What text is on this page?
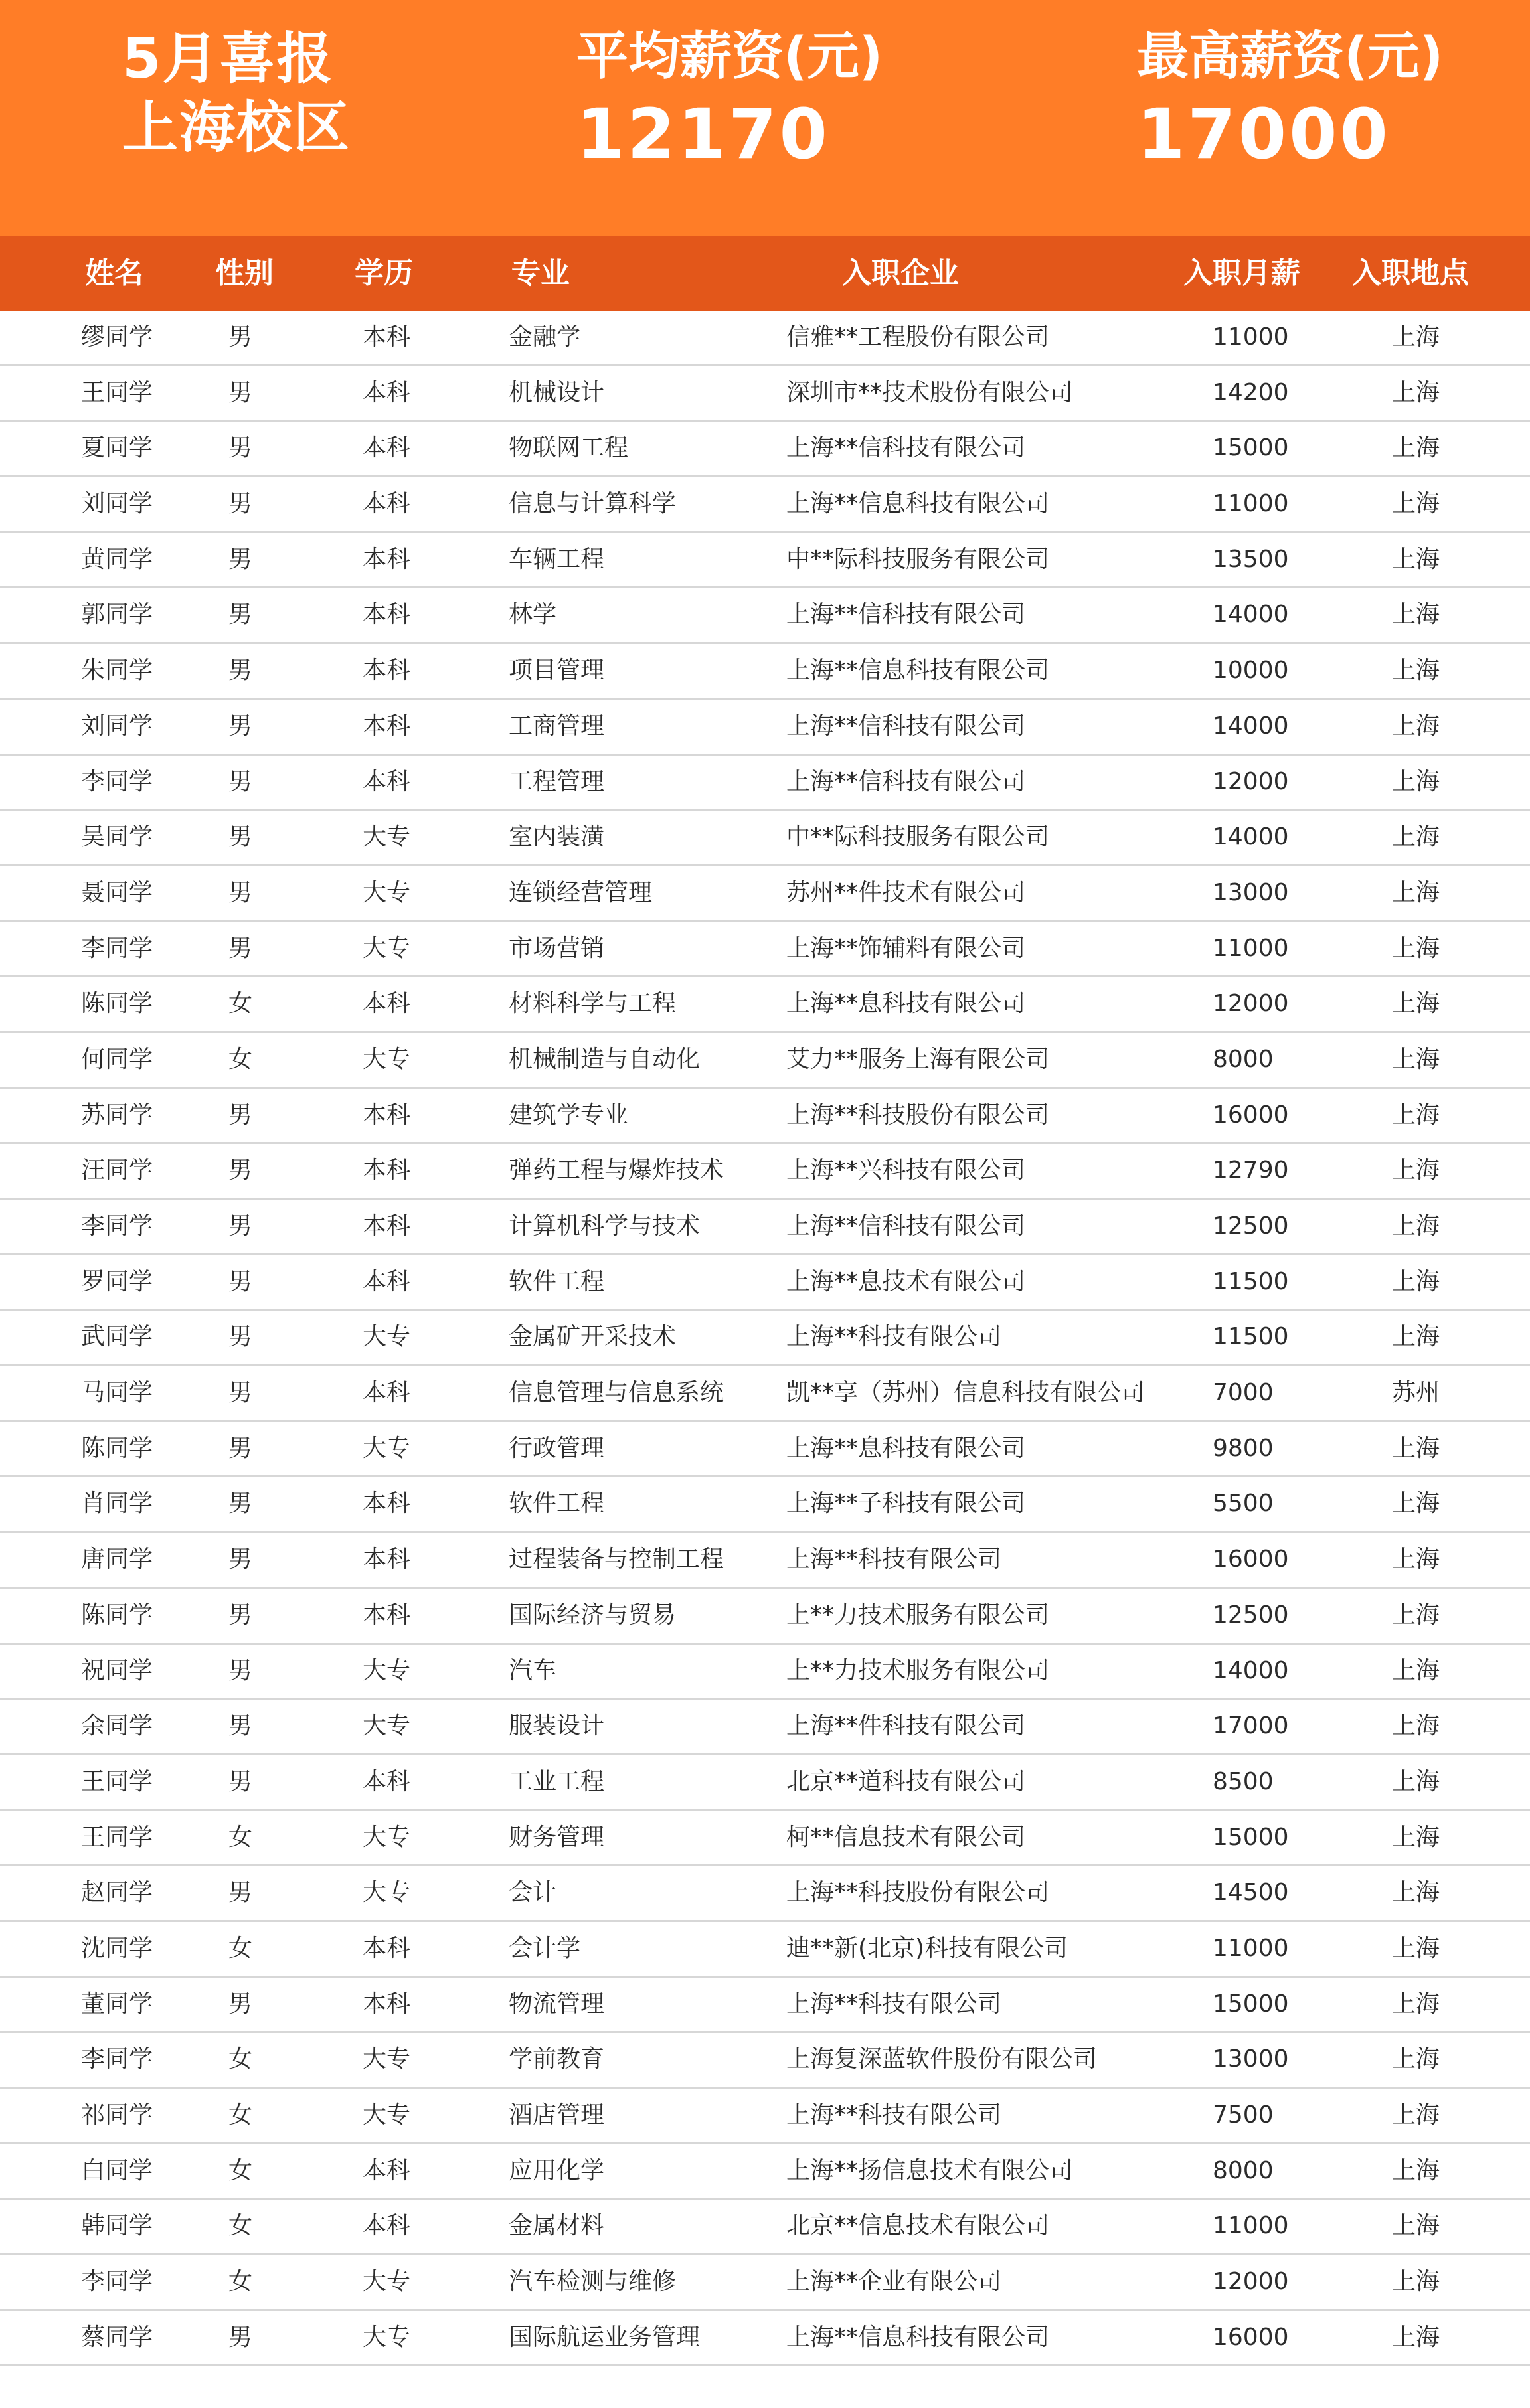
5月喜报
上海校区
平均薪资(元)
12170
最高薪资(元)
17000
姓名 性别	学历	专业	入职企业	入职月薪 入职地点
缪同学	男	本科	金融学	信雅**工程股份有限公司	11000	上海
王同学	男	本科	机械设计	深圳市**技术股份有限公司	14200	上海
夏同学	男	本科	物联网工程	上海**信科技有限公司	15000	上海
刘同学	男	本科	信息与计算科学	上海**信息科技有限公司	11000	上海
黄同学	男	本科	车辆工程	中**际科技服务有限公司	13500	上海
郭同学	男	本科	林学	上海**信科技有限公司	14000	上海
朱同学	男	本科	项目管理	上海**信息科技有限公司	10000	上海
刘同学	男	本科	工商管理	上海**信科技有限公司	14000	上海
李同学	男	本科	工程管理	上海**信科技有限公司	12000	上海
吴同学	男	大专	室内装潢	中**际科技服务有限公司	14000	上海
聂同学	男	大专	连锁经营管理	苏州**件技术有限公司	13000	上海
李同学	男	大专	市场营销	上海**饰辅料有限公司	11000	上海
陈同学	女	本科	材料科学与工程	上海**息科技有限公司	12000	上海
何同学	女	大专	机械制造与自动化	艾力**服务上海有限公司	8000	上海
苏同学	男	本科	建筑学专业	上海**科技股份有限公司	16000	上海
汪同学	男	本科	弹药工程与爆炸技术	上海**兴科技有限公司	12790	上海
李同学	男	本科	计算机科学与技术	上海**信科技有限公司	12500	上海
罗同学	男	本科	软件工程	上海**息技术有限公司	11500	上海
武同学	男	大专	金属矿开采技术	上海**科技有限公司	11500	上海
马同学	男	本科	信息管理与信息系统	凯**享（苏州）信息科技有限公司	7000	苏州
陈同学	男	大专	行政管理	上海**息科技有限公司	9800	上海
肖同学	男	本科	软件工程	上海**子科技有限公司	5500	上海
唐同学	男	本科	过程装备与控制工程	上海**科技有限公司	16000	上海
陈同学	男	本科	国际经济与贸易	上**力技术服务有限公司	12500	上海
祝同学	男	大专	汽车	上**力技术服务有限公司	14000	上海
余同学	男	大专	服装设计	上海**件科技有限公司	17000	上海
王同学	男	本科	工业工程	北京**道科技有限公司	8500	上海
王同学	女	大专	财务管理	柯**信息技术有限公司	15000	上海
赵同学	男	大专	会计	上海**科技股份有限公司	14500	上海
沈同学	女	本科	会计学	迪**新(北京)科技有限公司	11000	上海
董同学	男	本科	物流管理	上海**科技有限公司	15000	上海
李同学	女	大专	学前教育	上海复深蓝软件股份有限公司	13000	上海
祁同学	女	大专	酒店管理	上海**科技有限公司	7500	上海
白同学	女	本科	应用化学	上海**扬信息技术有限公司	8000	上海
韩同学	女	本科	金属材料	北京**信息技术有限公司	11000	上海
李同学	女	大专	汽车检测与维修	上海**企业有限公司	12000	上海
蔡同学	男	大专	国际航运业务管理	上海**信息科技有限公司	16000	上海
